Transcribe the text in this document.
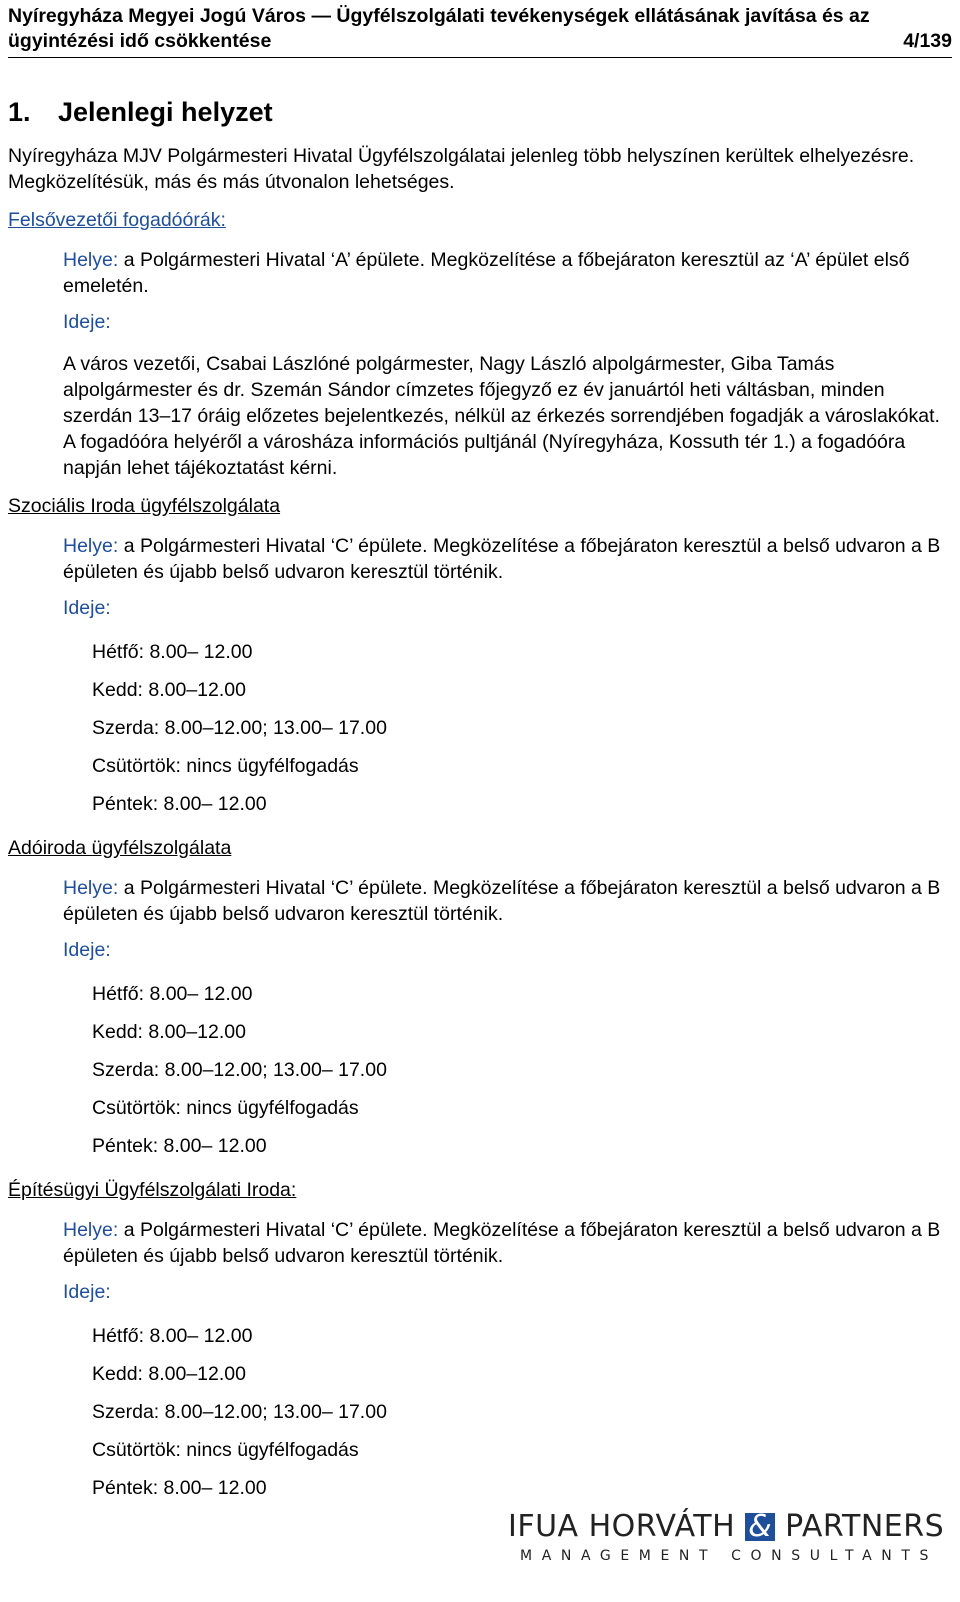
Nyíregyháza Megyei Jogú Város — Ügyfélszolgálati tevékenységek ellátásának javítása és az
ügyintézési idő csökkentése	4/139
1. Jelenlegi helyzet

Nyíregyháza MJV Polgármesteri Hivatal Ügyfélszolgálatai jelenleg több helyszínen kerültek elhelyezésre. Megközelítésük, más és más útvonalon lehetséges.

Felsővezetői fogadóórák:

Helye: a Polgármesteri Hivatal ‘A’ épülete. Megközelítése a főbejáraton keresztül az ‘A’ épület első emeletén.

Ideje:

A város vezetői, Csabai Lászlóné polgármester, Nagy László alpolgármester, Giba Tamás alpolgármester és dr. Szemán Sándor címzetes főjegyző ez év januártól heti váltásban, minden szerdán 13–17 óráig előzetes bejelentkezés, nélkül az érkezés sorrendjében fogadják a városlakókat. A fogadóóra helyéről a városháza információs pultjánál (Nyíregyháza, Kossuth tér 1.) a fogadóóra napján lehet tájékoztatást kérni.

Szociális Iroda ügyfélszolgálata

Helye: a Polgármesteri Hivatal ‘C’ épülete. Megközelítése a főbejáraton keresztül a belső udvaron a B épületen és újabb belső udvaron keresztül történik.

Ideje:

Hétfő: 8.00– 12.00
Kedd: 8.00–12.00
Szerda: 8.00–12.00; 13.00– 17.00
Csütörtök: nincs ügyfélfogadás
Péntek: 8.00– 12.00
Adóiroda ügyfélszolgálata

Helye: a Polgármesteri Hivatal ‘C’ épülete. Megközelítése a főbejáraton keresztül a belső udvaron a B épületen és újabb belső udvaron keresztül történik.

Ideje:

Hétfő: 8.00– 12.00
Kedd: 8.00–12.00
Szerda: 8.00–12.00; 13.00– 17.00
Csütörtök: nincs ügyfélfogadás
Péntek: 8.00– 12.00
Építésügyi Ügyfélszolgálati Iroda:

Helye: a Polgármesteri Hivatal ‘C’ épülete. Megközelítése a főbejáraton keresztül a belső udvaron a B épületen és újabb belső udvaron keresztül történik.

Ideje:

Hétfő: 8.00– 12.00
Kedd: 8.00–12.00
Szerda: 8.00–12.00; 13.00– 17.00
Csütörtök: nincs ügyfélfogadás
Péntek: 8.00– 12.00
IFUA HORVÁTH & PARTNERS
MANAGEMENT CONSULTANTS
